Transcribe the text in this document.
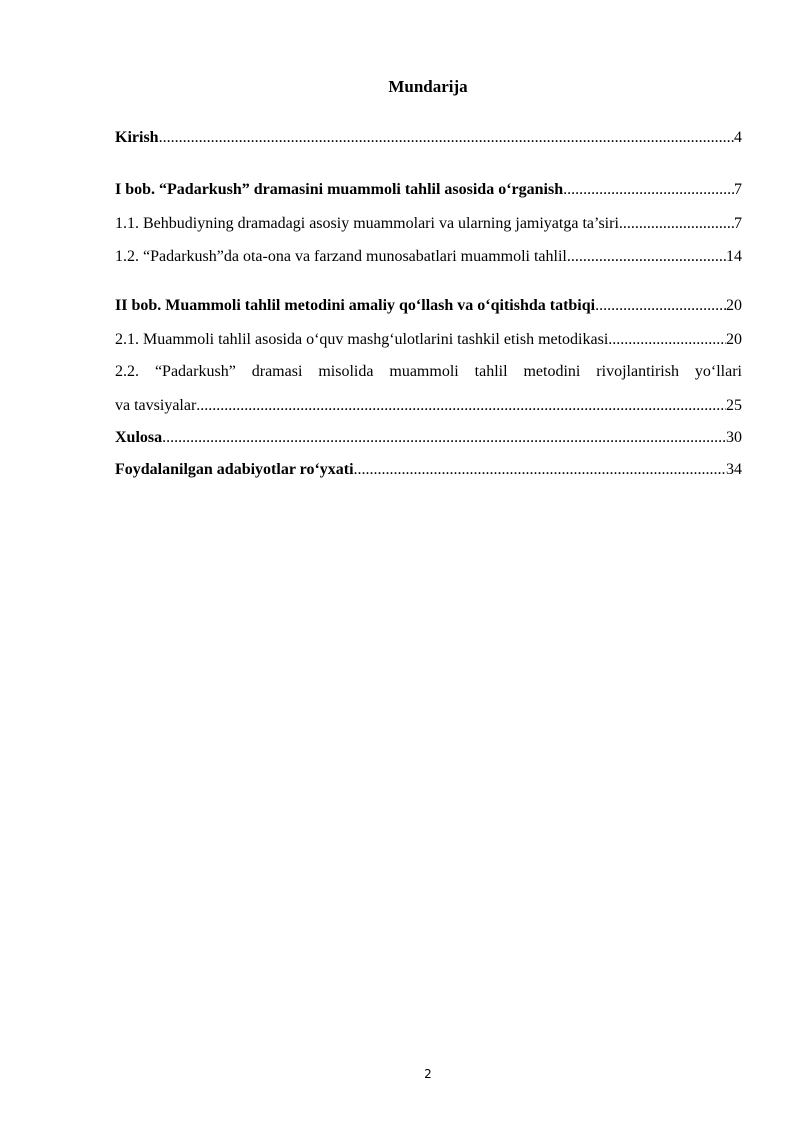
Mundarija
Kirish .....	4
I bob. “Padarkush” dramasini muammoli tahlil asosida o‘rganish .....	7
1.1. Behbudiyning dramadagi asosiy muammolari va ularning jamiyatga ta’siri .....	7
1.2. “Padarkush”da ota-ona va farzand munosabatlari muammoli tahlil .....	14
II bob. Muammoli tahlil metodini amaliy qo‘llash va o‘qitishda tatbiqi .....	20
2.1. Muammoli tahlil asosida o‘quv mashg‘ulotlarini tashkil etish metodikasi .....	20
2.2. “Padarkush” dramasi misolida muammoli tahlil metodini rivojlantirish yo‘llari
va tavsiyalar .....	25
Xulosa .....	30
Foydalanilgan adabiyotlar ro‘yxati .....	34
2
